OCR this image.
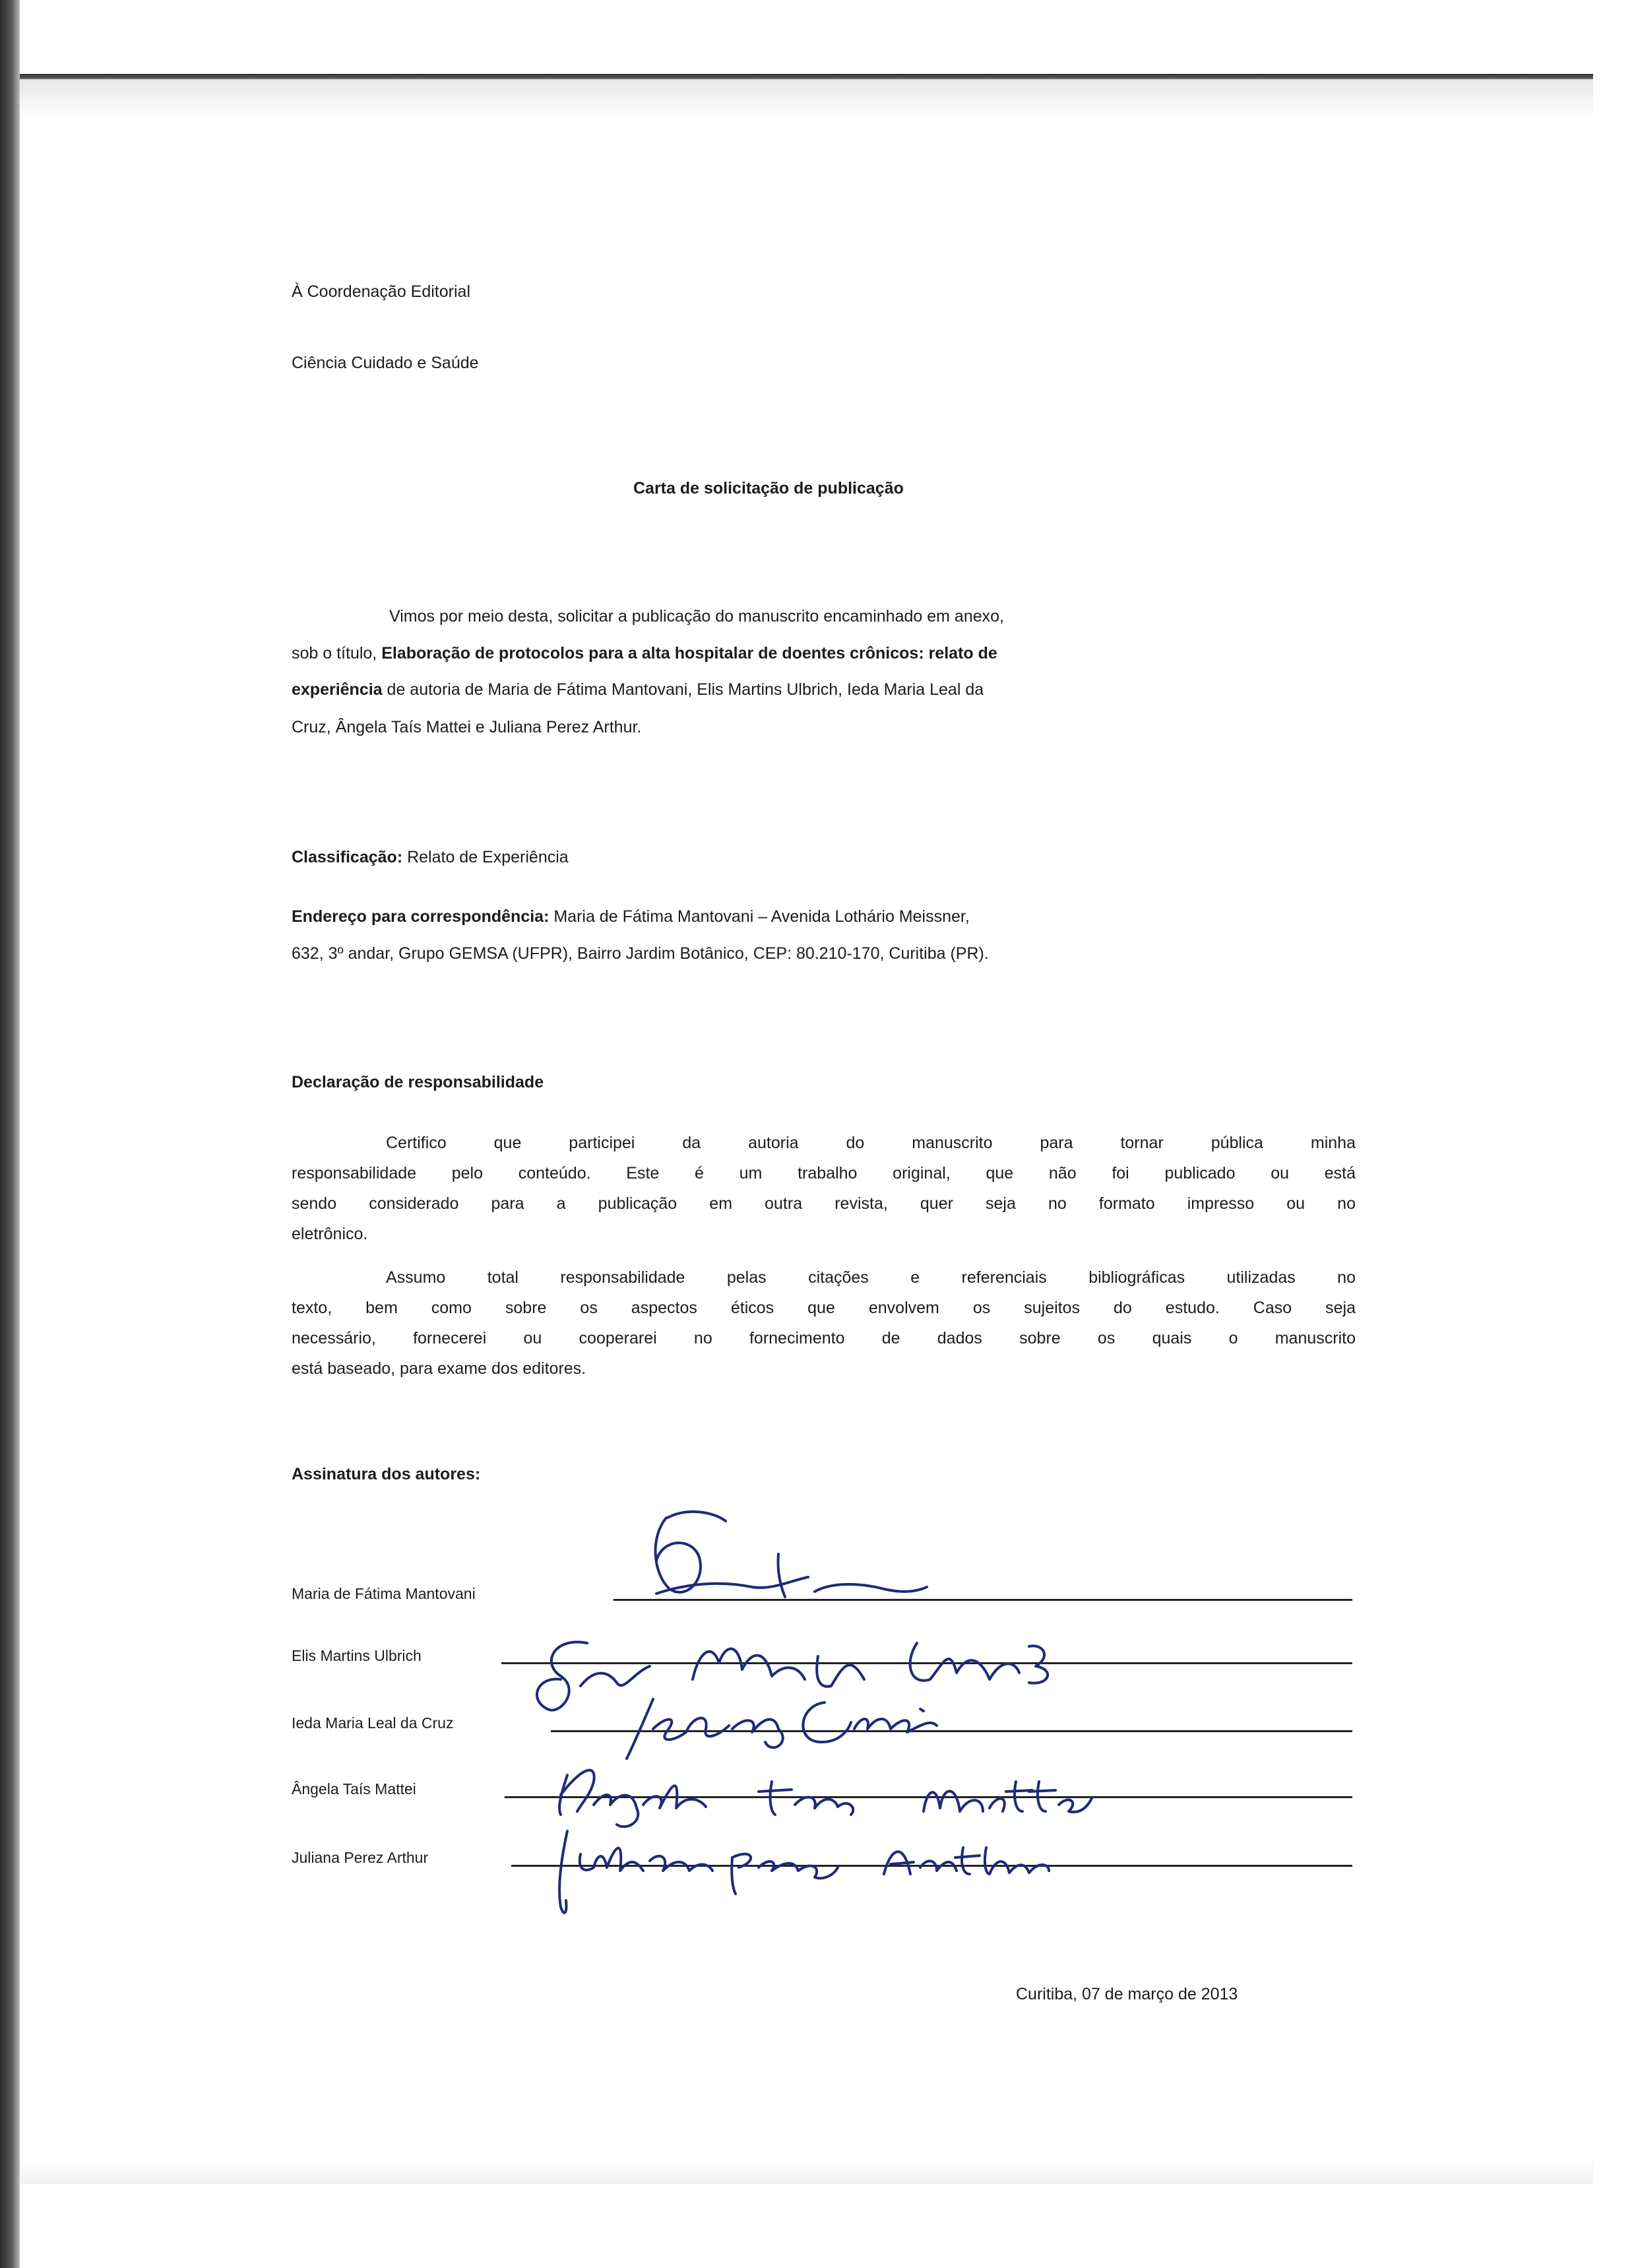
À Coordenação Editorial
Ciência Cuidado e Saúde
Carta de solicitação de publicação
Vimos por meio desta, solicitar a publicação do manuscrito encaminhado em anexo,
sob o título, Elaboração de protocolos para a alta hospitalar de doentes crônicos: relato de
experiência de autoria de Maria de Fátima Mantovani, Elis Martins Ulbrich, Ieda Maria Leal da
Cruz, Ângela Taís Mattei e Juliana Perez Arthur.
Classificação: Relato de Experiência
Endereço para correspondência: Maria de Fátima Mantovani – Avenida Lothário Meissner,
632, 3º andar, Grupo GEMSA (UFPR), Bairro Jardim Botânico, CEP: 80.210-170, Curitiba (PR).
Declaração de responsabilidade
Certifico que participei da autoria do manuscrito para tornar pública minha
responsabilidade pelo conteúdo. Este é um trabalho original, que não foi publicado ou está
sendo considerado para a publicação em outra revista, quer seja no formato impresso ou no
eletrônico.
Assumo total responsabilidade pelas citações e referenciais bibliográficas utilizadas no
texto, bem como sobre os aspectos éticos que envolvem os sujeitos do estudo. Caso seja
necessário, fornecerei ou cooperarei no fornecimento de dados sobre os quais o manuscrito
está baseado, para exame dos editores.
Assinatura dos autores:
Maria de Fátima Mantovani
Elis Martins Ulbrich
Ieda Maria Leal da Cruz
Ângela Taís Mattei
Juliana Perez Arthur
Curitiba, 07 de março de 2013
